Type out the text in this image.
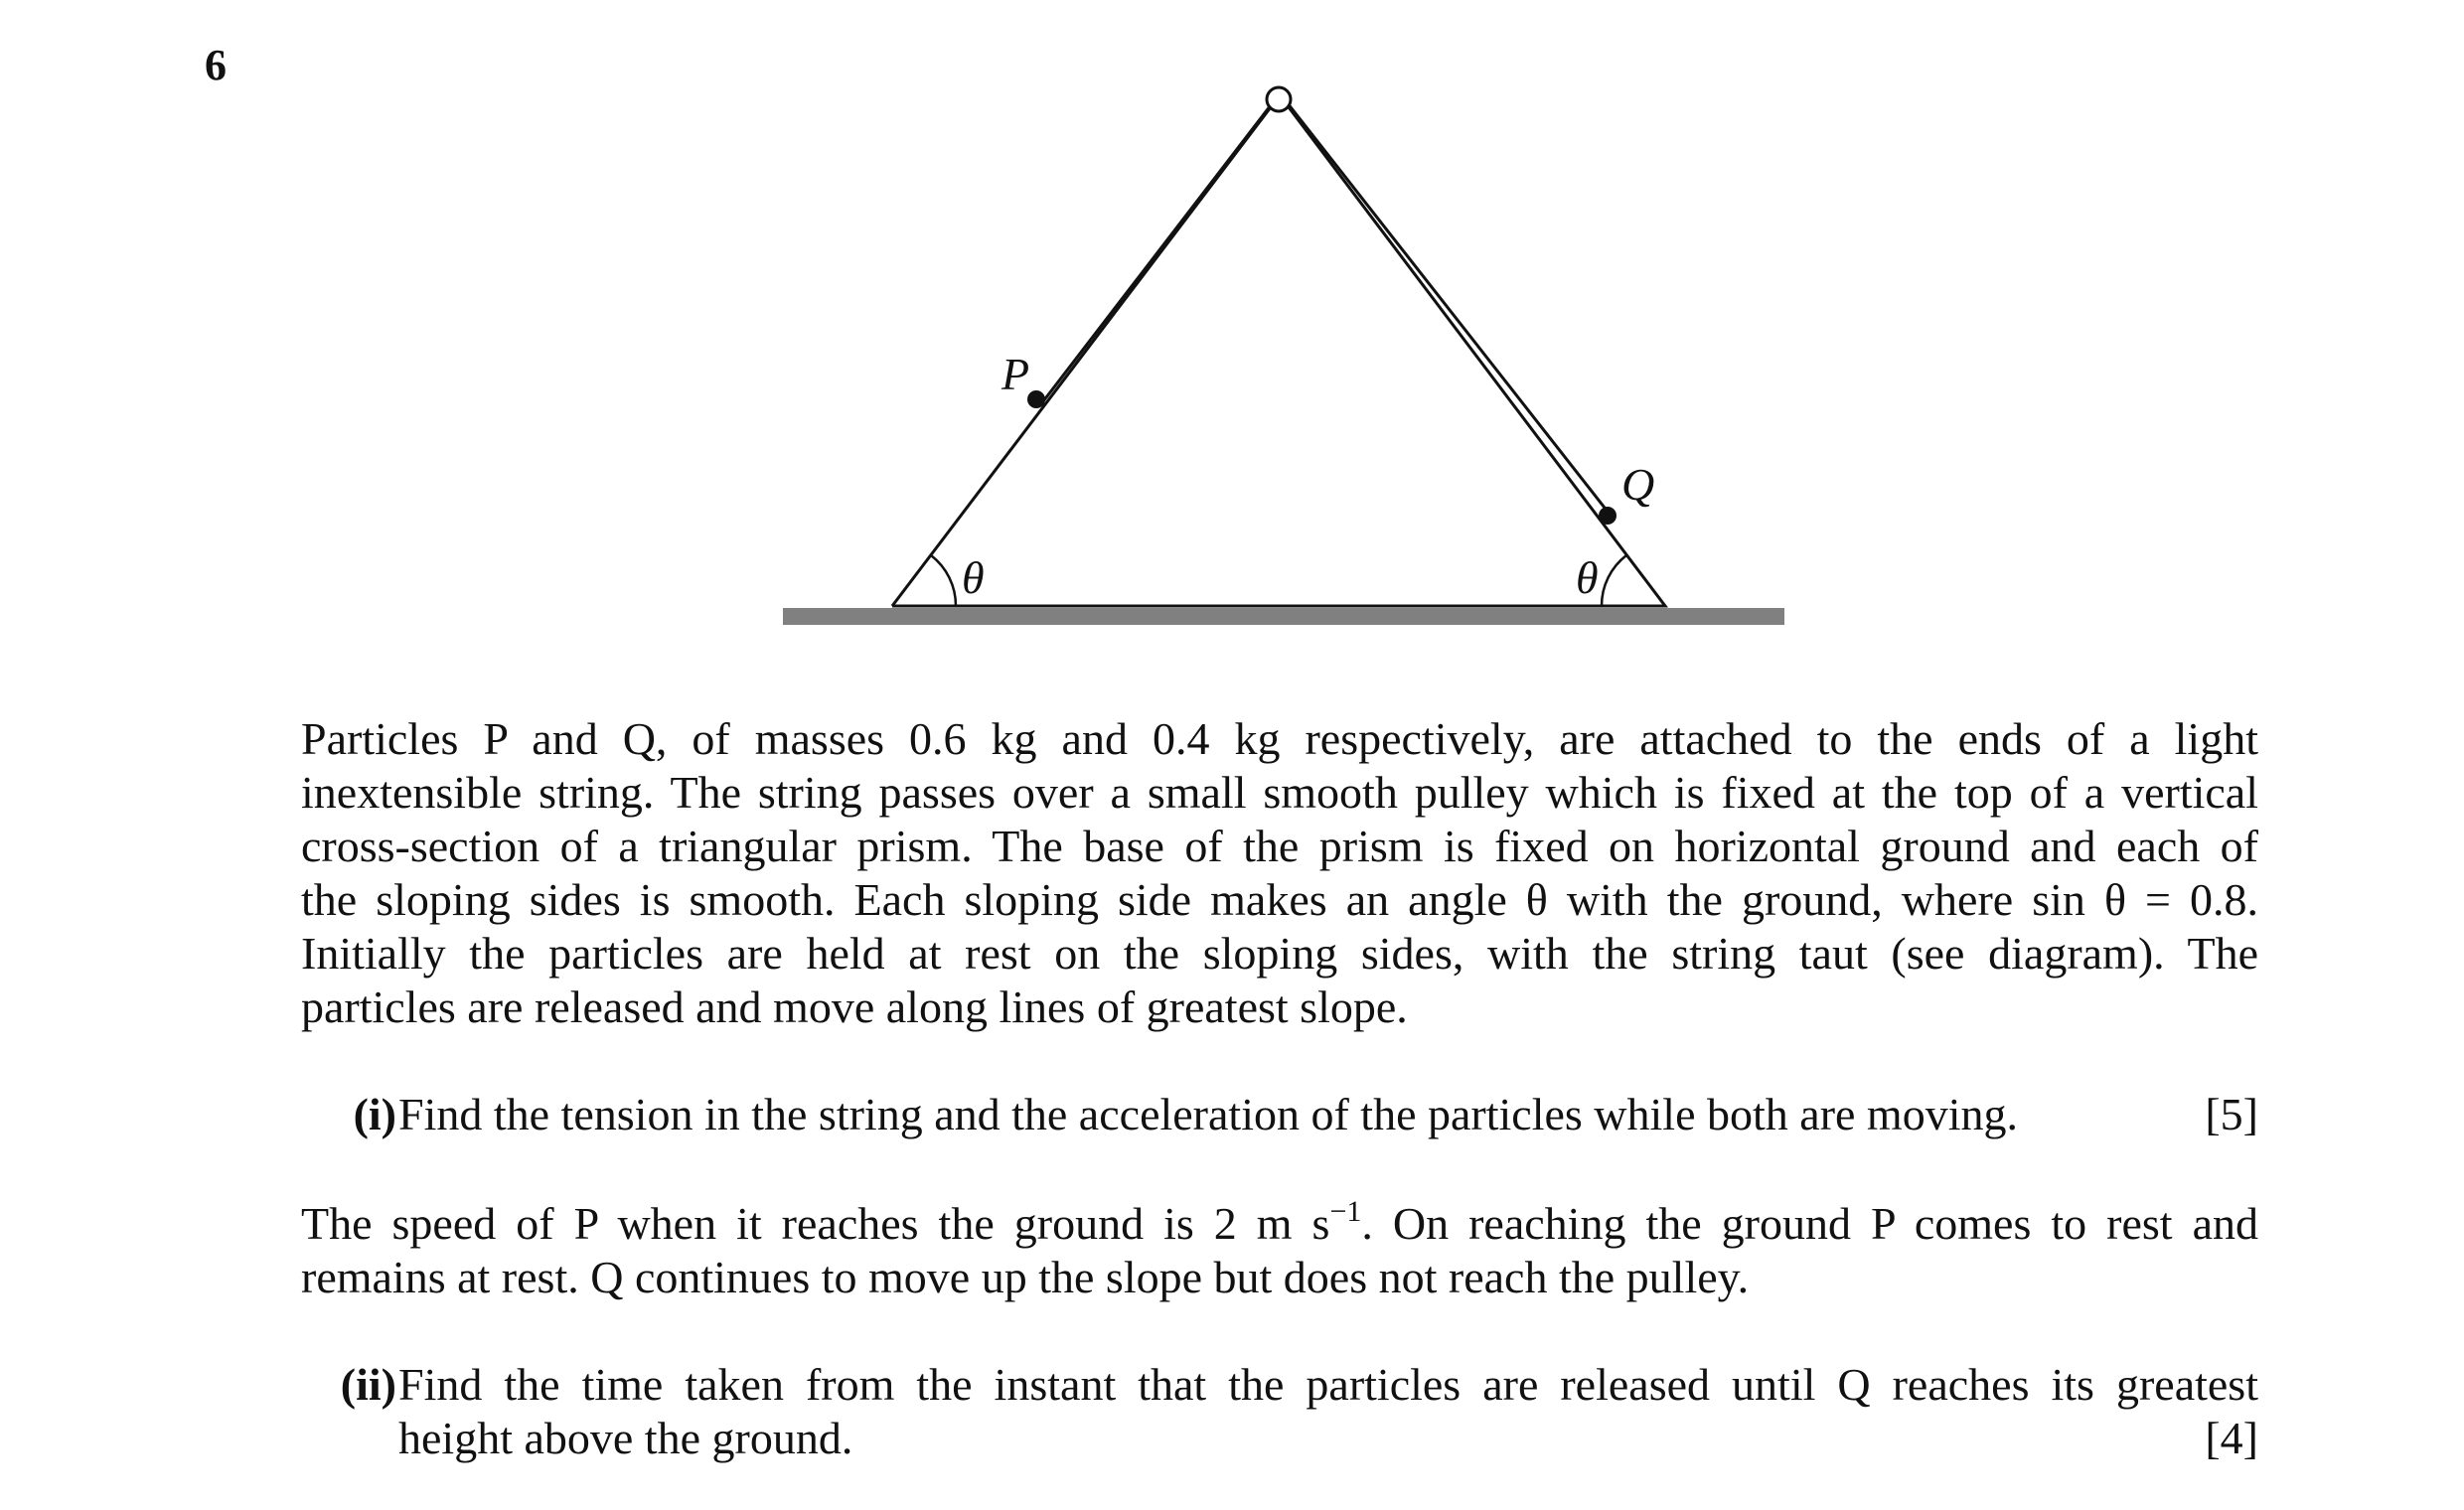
6
P
Q
θ	θ
Particles P and Q, of masses 0.6 kg and 0.4 kg respectively, are attached to the ends of a light
inextensible string. The string passes over a small smooth pulley which is fixed at the top of a vertical
cross-section of a triangular prism. The base of the prism is fixed on horizontal ground and each of
the sloping sides is smooth. Each sloping side makes an angle θ with the ground, where sin θ = 0.8.
Initially the particles are held at rest on the sloping sides, with the string taut (see diagram). The
particles are released and move along lines of greatest slope.
(i) Find the tension in the string and the acceleration of the particles while both are moving.	[5]
The speed of P when it reaches the ground is 2 m $s^{-1}$. On reaching the ground P comes to rest and
remains at rest. Q continues to move up the slope but does not reach the pulley.
(ii) Find the time taken from the instant that the particles are released until Q reaches its greatest
height above the ground.	[4]
